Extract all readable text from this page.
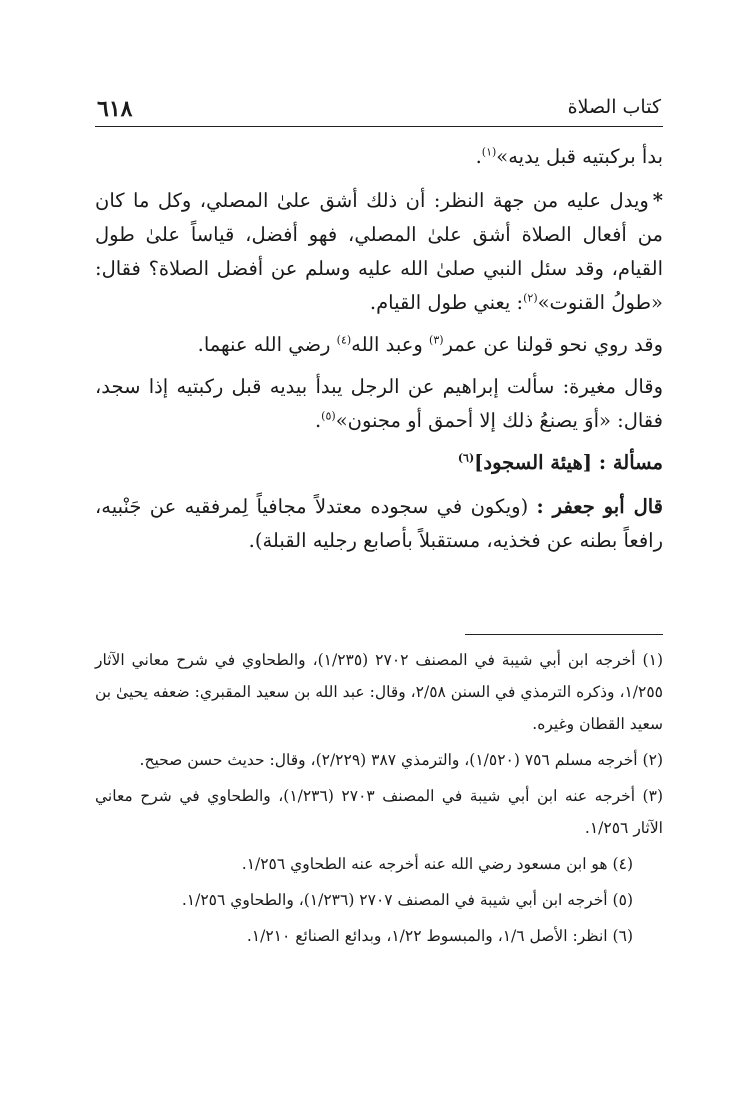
٦١٨	كتاب الصلاة

بدأ بركبتيه قبل يديه»$^{(١)}$.

*ويدل عليه من جهة النظر: أن ذلك أشق علىٰ المصلي، وكل ما كان من أفعال الصلاة أشق علىٰ المصلي، فهو أفضل، قياساً علىٰ طول القيام، وقد سئل النبي صلىٰ الله عليه وسلم عن أفضل الصلاة؟ فقال: «طولُ القنوت»$^{(٢)}$: يعني طول القيام.

وقد روي نحو قولنا عن عمر$^{(٣)}$ وعبد الله$^{(٤)}$ رضي الله عنهما.

وقال مغيرة: سألت إبراهيم عن الرجل يبدأ بيديه قبل ركبتيه إذا سجد، فقال: «أوَ يصنعُ ذلك إلا أحمق أو مجنون»$^{(٥)}$.

مسألة : [هيئة السجود]$^{(٦)}$

قال أبو جعفر : (ويكون في سجوده معتدلاً مجافياً لِمرفقيه عن جَنْبيه، رافعاً بطنه عن فخذيه، مستقبلاً بأصابع رجليه القبلة).

(١) أخرجه ابن أبي شيبة في المصنف ٢٧٠٢ (١/٢٣٥)، والطحاوي في شرح معاني الآثار ١/٢٥٥، وذكره الترمذي في السنن ٢/٥٨، وقال: عبد الله بن سعيد المقبري: ضعفه يحيىٰ بن سعيد القطان وغيره.

(٢) أخرجه مسلم ٧٥٦ (١/٥٢٠)، والترمذي ٣٨٧ (٢/٢٢٩)، وقال: حديث حسن صحيح.

(٣) أخرجه عنه ابن أبي شيبة في المصنف ٢٧٠٣ (١/٢٣٦)، والطحاوي في شرح معاني الآثار ١/٢٥٦.

(٤) هو ابن مسعود رضي الله عنه أخرجه عنه الطحاوي ١/٢٥٦.

(٥) أخرجه ابن أبي شيبة في المصنف ٢٧٠٧ (١/٢٣٦)، والطحاوي ١/٢٥٦.

(٦) انظر: الأصل ١/٦، والمبسوط ١/٢٢، وبدائع الصنائع ١/٢١٠.
